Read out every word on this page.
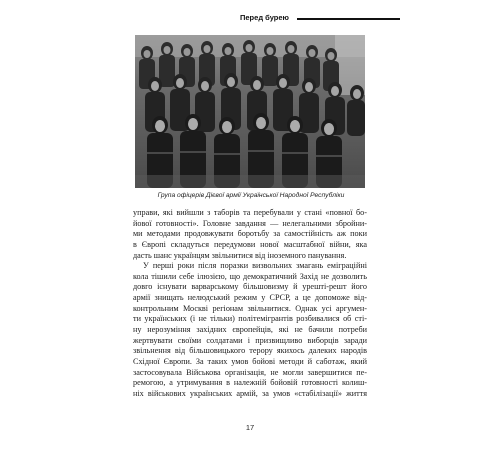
Перед бурею
Група офіцерів Дієвої армії Української Народної Республіки
управи, які вийшли з таборів та перебували у стані «повної бо-
йової готовності». Головне завдання — нелегальними збройни-
ми методами продовжувати боротьбу за самостійність аж поки
в Європі складуться передумови нової масштабної війни, яка
дасть шанс українцям звільнитися від іноземного панування.
У перші роки після поразки визвольних змагань еміграційні
кола тішили себе ілюзією, що демократичний Захід не дозволить
довго існувати варварському більшовизму й урешті-решт його
армії знищать нелюдський режим у СРСР, а це допоможе від-
контрольним Москві регіонам звільнитися. Однак усі аргумен-
ти українських (і не тільки) політемігрантів розбивалися об сті-
ну нерозуміння західних європейців, які не бачили потреби
жертвувати своїми солдатами і призвищливо виборців заради
звільнення від більшовицького терору якихось далеких народів
Східної Європи. За таких умов бойові методи й саботаж, який
застосовувала Військова організація, не могли завершитися пе-
ремогою, а утримування в належній бойовій готовності колиш-
ніх військових українських армій, за умов «стабілізації» життя
17
